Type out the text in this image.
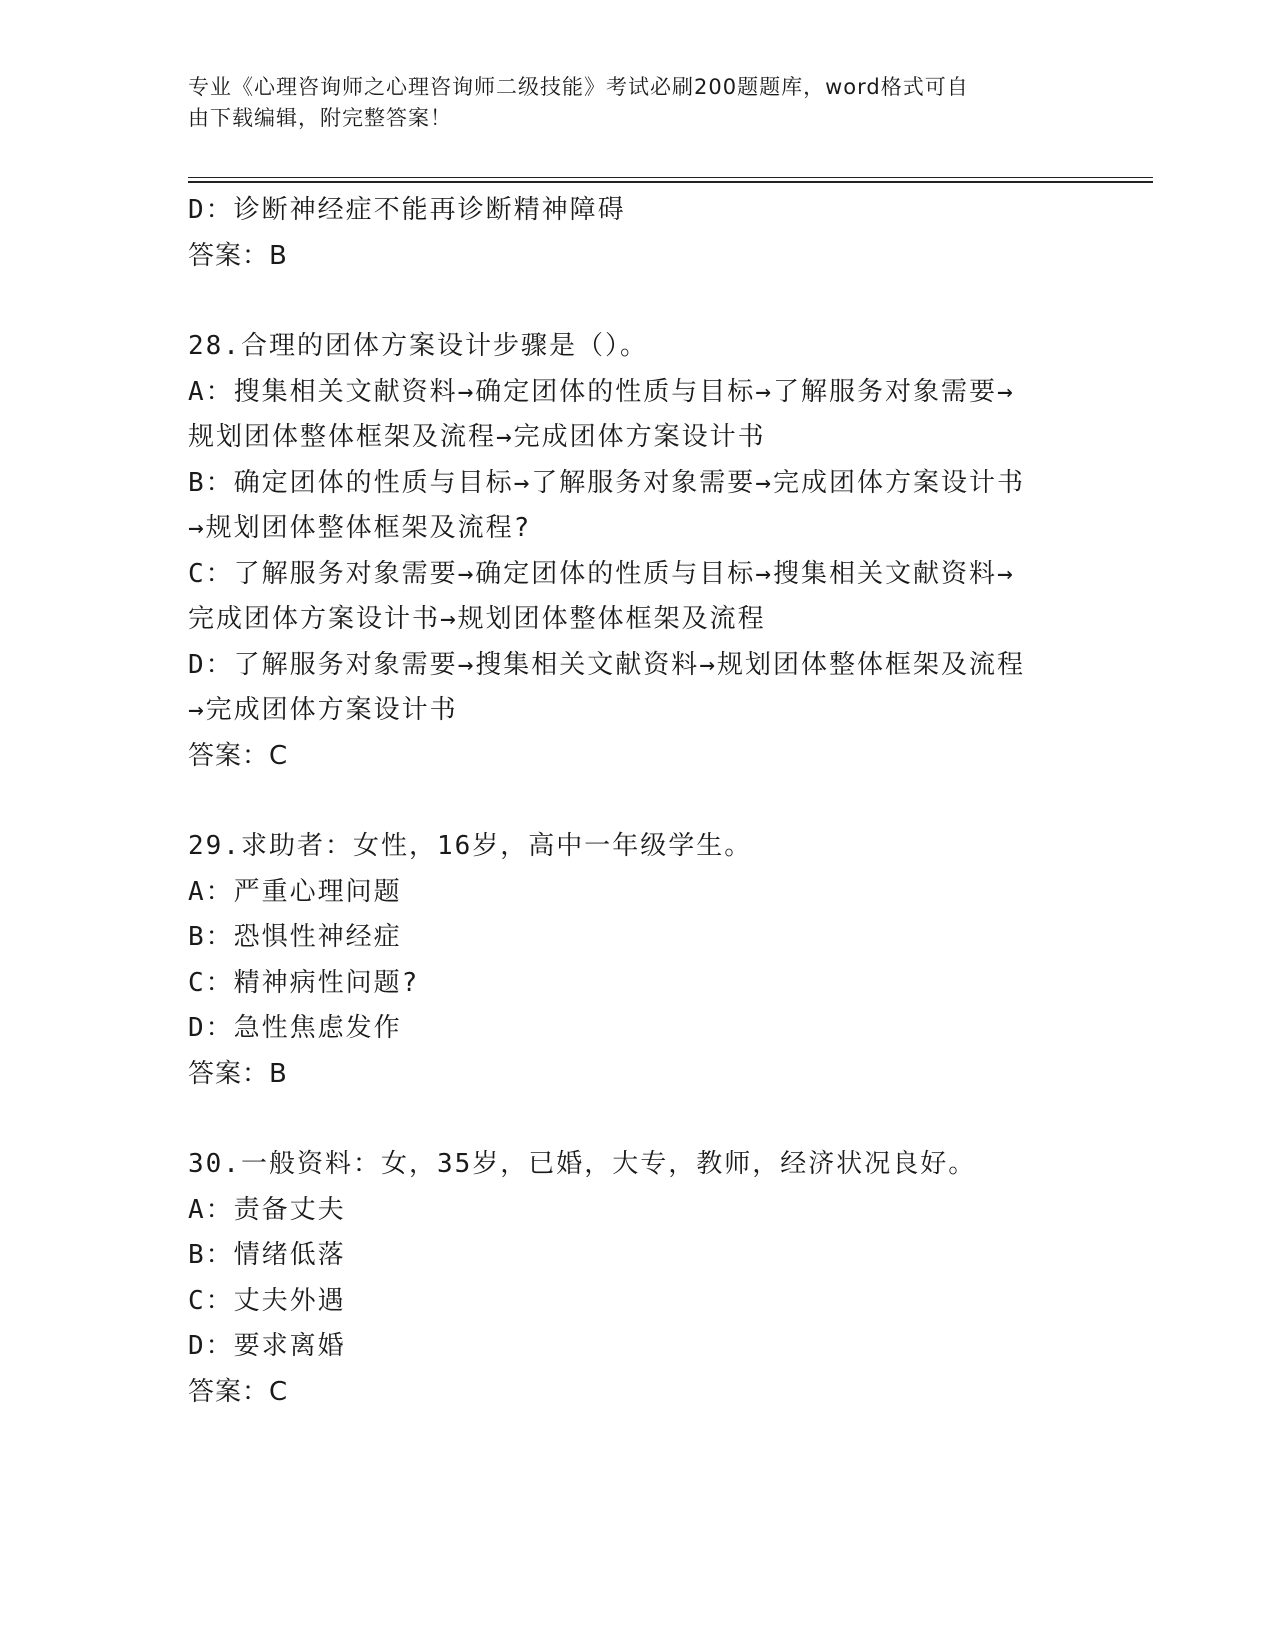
专业《心理咨询师之心理咨询师二级技能》考试必刷200题题库，word格式可自
由下载编辑，附完整答案！
D：诊断神经症不能再诊断精神障碍
答案：B
28.合理的团体方案设计步骤是（）。
A：搜集相关文献资料→确定团体的性质与目标→了解服务对象需要→
规划团体整体框架及流程→完成团体方案设计书
B：确定团体的性质与目标→了解服务对象需要→完成团体方案设计书
→规划团体整体框架及流程?
C：了解服务对象需要→确定团体的性质与目标→搜集相关文献资料→
完成团体方案设计书→规划团体整体框架及流程
D：了解服务对象需要→搜集相关文献资料→规划团体整体框架及流程
→完成团体方案设计书
答案：C
29.求助者：女性，16岁，高中一年级学生。
A：严重心理问题
B：恐惧性神经症
C：精神病性问题?
D：急性焦虑发作
答案：B
30.一般资料：女，35岁，已婚，大专，教师，经济状况良好。
A：责备丈夫
B：情绪低落
C：丈夫外遇
D：要求离婚
答案：C
